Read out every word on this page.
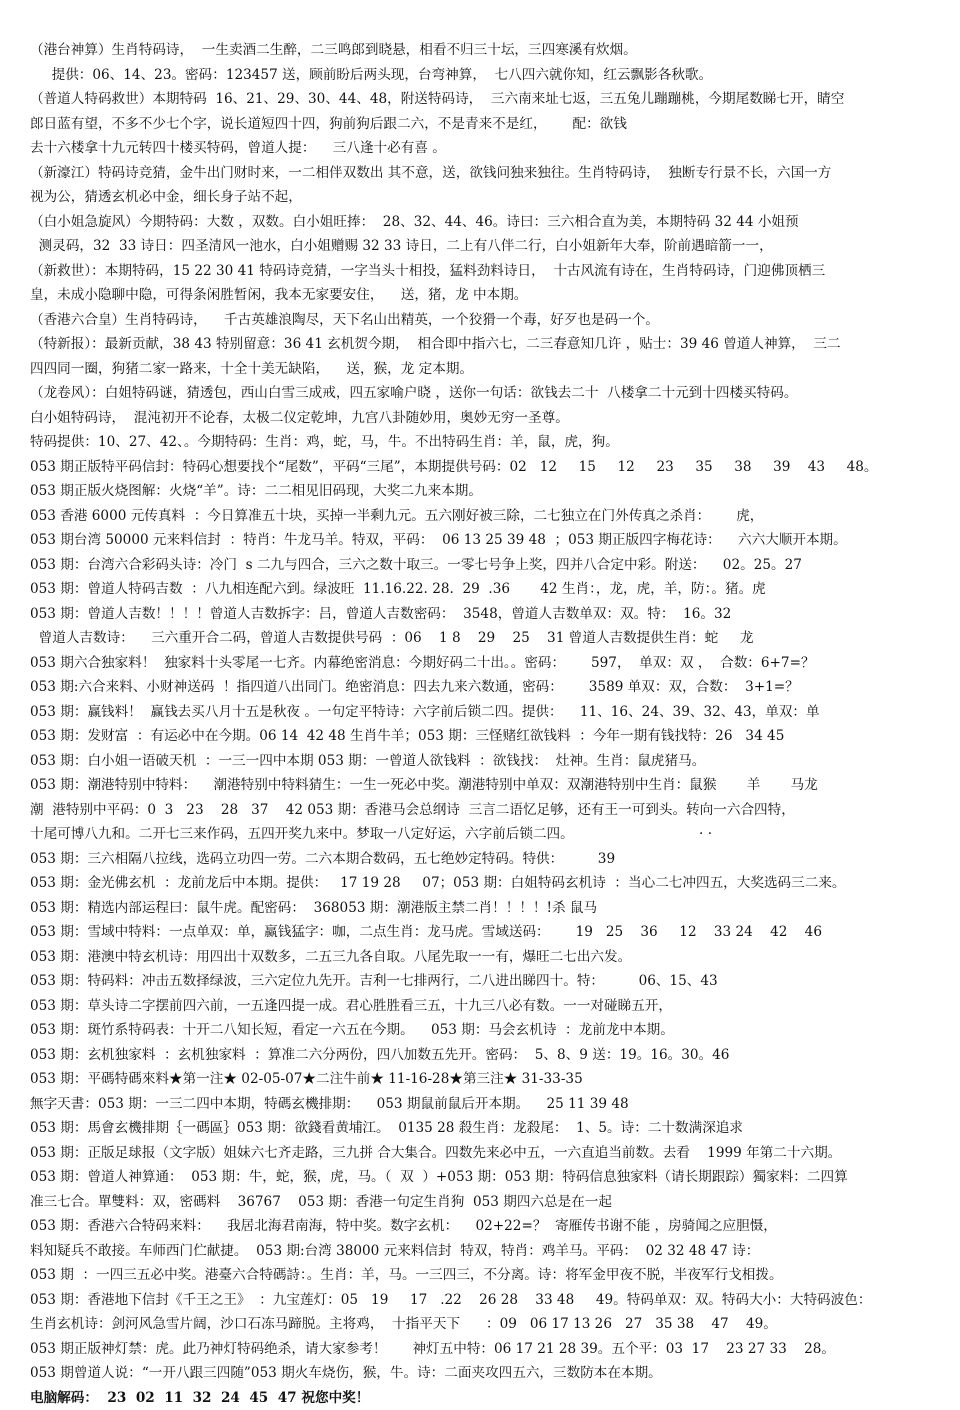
（港台神算）生肖特码诗，  一生卖酒二生醉，二三鸣郎到晓悬，相看不归三十坛，三四寒溪有炊烟。
提供：06、14、23。密码：123457 送，顾前盼后两头现，台弯神算，  七八四六就你知，红云飘影各秋歌。
（普道人特码救世）本期特码  16、21、29、30、44、48，附送特码诗，  三六南来址七返，三五兔儿蹦蹦桃，今期尾数睇七开，睛空
郎日蓝有望，不多不少七个字，说长道短四十四，狗前狗后跟二六，不是青来不是红，      配：欲钱
去十六楼拿十九元转四十楼买特码，曾道人提：    三八逢十必有喜 。
（新濠江）特码诗竞猜，金牛出门财时来，一二相伴双数出 其不意，送，欲钱问独来独往。生肖特码诗，  独断专行景不长，六国一方
视为公，猜透玄机必中金，细长身子站不起，
（白小姐急旋风）今期特码：大数 ，双数。白小姐旺捧：  28、32、44、46。诗曰：三六相合直为美，本期特码 32 44 小姐预
测灵码，32  33 诗日：四圣清风一池水，白小姐赠赐 32 33 诗日，二上有八伴二行，白小姐新年大奉，阶前遇暗箭一一，
（新救世）：本期特码，15 22 30 41 特码诗竞猜，一字当头十相投，猛料劲料诗日，  十古风流有诗在，生肖特码诗，门迎佛顶栖三
皇，未成小隐聊中隐，可得条闲胜暂闲，我本无家要安住，    送，猪，龙 中本期。
（香港六合皇）生肖特码诗，    千古英雄浪陶尽，天下名山出精英，一个狡猾一个毒，好歹也是码一个。
（特新报）：最新贡献，38 43 特别留意：36 41 玄机贺今期，  相合即中指六七，二三春意知几许 ，贴士：39 46 曾道人神算，  三二
四四同一圈，狗猪二家一路来，十全十美无缺陷，    送，猴，龙 定本期。
（龙卷风）：白姐特码谜，猜透包，西山白雪三成戒，四五家喻户晓 ，送你一句话：欲钱去二十  八楼拿二十元到十四楼买特码。
白小姐特码诗，  混沌初开不论春，太极二仪定乾坤，九宫八卦随妙用，奥妙无穷一圣尊。
特码提供：10、27、42、。今期特码：生肖：鸡，蛇，马，牛。不出特码生肖：羊，鼠，虎，狗。
053 期正版特平码信封：特码心想要找个“尾数”，平码“三尾”，本期提供号码：02   12     15     12     23     35     38     39    43     48。
053 期正版火烧图解：火烧“羊”。诗：二二相见旧码现，大奖二九来本期。
053 香港 6000 元传真料  ：今日算准五十块，买掉一半剩九元。五六刚好被三除，二七独立在门外传真之杀肖：      虎，
053 期台湾 50000 元来料信封  ：特肖：牛龙马羊。特双，平码：  06 13 25 39 48  ；053 期正版四字梅花诗：    六六大顺开本期。
053 期：台湾六合彩码头诗：冷门  s 二九与四合，三六之数十取三。一零七号争上奖，四并八合定中彩。附送：    02。25。27
053 期：曾道人特码吉数  ：八九相连配六到。绿波旺  11.16.22. 28.  29  .36       42 生肖：，龙，虎，羊，防：。猪。虎
053 期：曾道人吉数！！！！曾道人吉数拆字：吕，曾道人吉数密码：  3548，曾道人吉数单双：双。特：  16。32
曾道人吉数诗：    三六重开合二码，曾道人吉数提供号码  ：06    1 8    29    25    31 曾道人吉数提供生肖：蛇     龙
053 期六合独家料！  独家料十头零尾一七齐。内幕绝密消息：今期好码二十出。。密码：      597，  单双：双 ，  合数：6+7=？
053 期:六合来料、小财神送码  ！指四道八出同门。绝密消息：四去九来六数通，密码：      3589 单双：双，合数：  3+1=？
053 期：赢钱料！  赢钱去买八月十五是秋夜 。一句定平特诗：六字前后锁二四。提供：    11、16、24、39、32、43，单双：单
053 期：发财富  ：有运必中在今期。06 14  42 48 生肖牛羊；053 期：三怪赌红欲钱料  ：今年一期有钱找特：26   34 45
053 期：白小姐一语破天机  ：一三一四中本期 053 期：一曾道人欲钱料  ：欲钱找：  灶神。生肖：鼠虎猪马。
053 期：潮港特别中特料：    潮港特别中特料猜生：一生一死必中奖。潮港特别中单双：双潮港特别中生肖：鼠猴       羊       马龙
潮  港特别中平码：0  3   23    28   37    42 053 期：香港马会总纲诗  三言二语忆足够，还有王一可到头。转向一六合四特，
十尾可博八九和。二开七三来作码，五四开奖九来中。梦取一八定好运，六字前后锁二四。                             · ·
053 期：三六相隔八拉线，选码立功四一劳。二六本期合数码，五七绝妙定特码。特供：        39
053 期：金光佛玄机  ：龙前龙后中本期。提供：   17 19 28     07；053 期：白姐特码玄机诗  ：当心二七冲四五，大奖选码三二来。
053 期：精选内部运程曰：鼠牛虎。配密码：  368053 期：潮港版主禁二肖！！！！!杀 鼠马
053 期：雪域中特料：一点单双：单，赢钱猛字：咖，二点生肖：龙马虎。雪域送码：      19   25    36     12    33 24    42    46
053 期：港澳中特玄机诗：用四出十双数多，二五三九各自取。八尾先取一一有，爆旺二七出六发。
053 期：特码料：冲击五数择绿波，三六定位九先开。吉利一七排两行，二八进出睇四十。特：        06、15、43
053 期：草头诗二字摆前四六前，一五逢四提一成。君心胜胜看三五，十九三八必有数。一一对碰睇五开，
053 期：斑竹系特码表：十开二八知长短，看定一六五在今期。    053 期：马会玄机诗  ：龙前龙中本期。
053 期：玄机独家料  ：玄机独家料  ：算准二六分两份，四八加数五先开。密码：  5、8、9 送：19。16。30。46
053 期：平碼特碼來料★第一注★ 02-05-07★二注牛前★ 11-16-28★第三注★ 31-33-35
無字天書：053 期：一三二四中本期，特碼玄機排期：    053 期鼠前鼠后开本期。    25 11 39 48
053 期：馬會玄機排期｛一碼區｝053 期：欲錢看黄埔江。  0135 28 殺生肖：龙殺尾：  1、5。诗：二十数满深追求
053 期：正版足球报（文字版）姐妹六七齐走路，三九拼 合大集合。四数先来必中五，一六直追当前数。去看    1999 年第二十六期。
053 期：曾道人神算通：  053 期：牛，蛇，猴，虎，马。（  双  ）+053 期：053 期：特码信息独家料（请长期跟踪）獨家料：二四算
准三七合。單雙料：双，密碼料    36767    053 期：香港一句定生肖狗  053 期四六总是在一起
053 期：香港六合特码来料：    我居北海君南海，特中奖。数字玄机：    02+22=？  寄雁传书谢不能 ，房骑闻之应胆慑，
料知疑兵不敢接。车师西门伫献捷。  053 期:台湾 38000 元来料信封  特双，特肖：鸡羊马。平码：  02 32 48 47 诗：
053 期  ：一四三五必中奖。港臺六合特碼詩：。生肖：羊，马。一三四三，不分离。诗：将军金甲夜不脱，半夜军行戈相拨。
053 期：香港地下信封《千王之王》  ：九宝莲灯：05   19     17   .22    26 28    33 48     49。特码单双：双。特码大小：大特码波色：
生肖玄机诗：剑河风急雪片阔，沙口石冻马蹄脱。主将鸡，  十指平天下      ：09   06 17 13 26   27   35 38    47    49。
053 期正版神灯禁：虎。此乃神灯特码绝杀，请大家参考！      神灯五中特：06 17 21 28 39。五个平：03  17    23 27 33    28。
053 期曾道人说：“一开八跟三四随”053 期火车烧伤，猴，牛。诗：二面夹攻四五六，三数防本在本期。
电脑解码：  23  02  11  32  24  45  47 祝您中奖！
